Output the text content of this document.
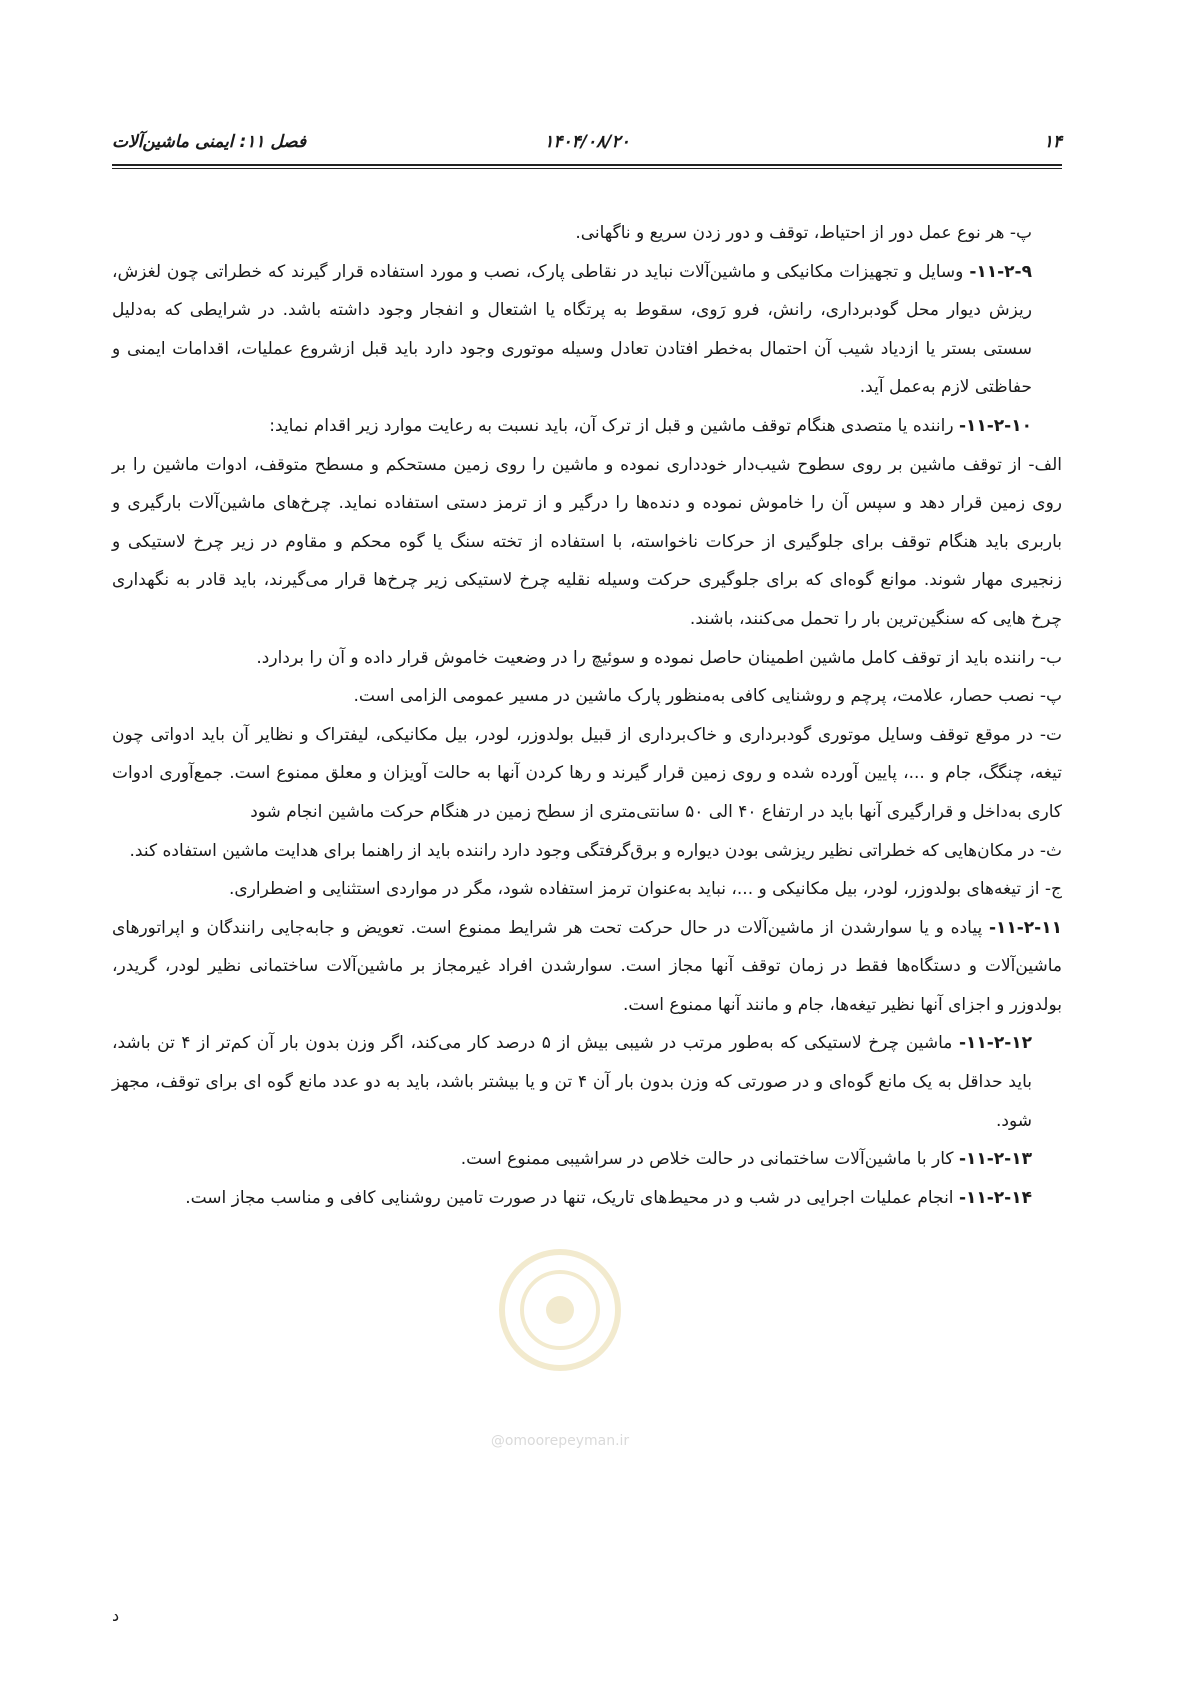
۱۴
۱۴۰۴/۰۸/۲۰
فصل ۱۱: ایمنی ماشین‌آلات

پ- هر نوع عمل دور از احتیاط، توقف و دور زدن سریع و ناگهانی.

۱۱-۲-۹- وسایل و تجهیزات مکانیکی و ماشین‌آلات نباید در نقاطی پارک، نصب و مورد استفاده قرار گیرند که خطراتی چون لغزش، ریزش دیوار محل گودبرداری، رانش، فرو رَوی، سقوط به پرتگاه یا اشتعال و انفجار وجود داشته باشد. در شرایطی که به‌دلیل سستی بستر یا ازدیاد شیب آن احتمال به‌خطر افتادن تعادل وسیله موتوری وجود دارد باید قبل ازشروع عملیات، اقدامات ایمنی و حفاظتی لازم به‌عمل آید.

۱۱-۲-۱۰- راننده یا متصدی هنگام توقف ماشین و قبل از ترک آن، باید نسبت به رعایت موارد زیر اقدام نماید:

الف- از توقف ماشین بر روی سطوح شیب‌دار خودداری نموده و ماشین را روی زمین مستحکم و مسطح متوقف، ادوات ماشین را بر روی زمین قرار دهد و سپس آن را خاموش نموده و دنده‌ها را درگیر و از ترمز دستی استفاده نماید. چرخ‌های ماشین‌آلات بارگیری و باربری باید هنگام توقف برای جلوگیری از حرکات ناخواسته، با استفاده از تخته سنگ یا گوه محکم و مقاوم در زیر چرخ لاستیکی و زنجیری مهار شوند. موانع گوه‌ای که برای جلوگیری حرکت وسیله نقلیه چرخ لاستیکی زیر چرخ‌ها قرار می‌گیرند، باید قادر به نگهداری چرخ هایی که سنگین‌ترین بار را تحمل می‌کنند، باشند.

ب- راننده باید از توقف کامل ماشین اطمینان حاصل نموده و سوئیچ را در وضعیت خاموش قرار داده و آن را بردارد.

پ- نصب حصار، علامت، پرچم و روشنایی کافی به‌منظور پارک ماشین در مسیر عمومی الزامی است.

ت- در موقع توقف وسایل موتوری گودبرداری و خاک‌برداری از قبیل بولدوزر، لودر، بیل مکانیکی، لیفتراک و نظایر آن باید ادواتی چون تیغه، چنگگ، جام و ...، پایین آورده شده و روی زمین قرار گیرند و رها کردن آنها به حالت آویزان و معلق ممنوع است. جمع‌آوری ادوات کاری به‌داخل و قرارگیری آنها باید در ارتفاع ۴۰ الی ۵۰ سانتی‌متری از سطح زمین در هنگام حرکت ماشین انجام شود

ث- در مکان‌هایی که خطراتی نظیر ریزشی بودن دیواره و برق‌گرفتگی وجود دارد راننده باید از راهنما برای هدایت ماشین استفاده کند.

ج- از تیغه‌های بولدوزر، لودر، بیل مکانیکی و ...، نباید به‌عنوان ترمز استفاده شود، مگر در مواردی استثنایی و اضطراری.

۱۱-۲-۱۱- پیاده و یا سوارشدن از ماشین‌آلات در حال حرکت تحت هر شرایط ممنوع است. تعویض و جابه‌جایی رانندگان و اپراتورهای ماشین‌آلات و دستگاه‌ها فقط در زمان توقف آنها مجاز است. سوارشدن افراد غیرمجاز بر ماشین‌آلات ساختمانی نظیر لودر، گریدر، بولدوزر و اجزای آنها نظیر تیغه‌ها، جام و مانند آنها ممنوع است.

۱۱-۲-۱۲- ماشین چرخ لاستیکی که به‌طور مرتب در شیبی بیش از ۵ درصد کار می‌کند، اگر وزن بدون بار آن کم‌تر از ۴ تن باشد، باید حداقل به یک مانع گوه‌ای و در صورتی که وزن بدون بار آن ۴ تن و یا بیشتر باشد، باید به دو عدد مانع گوه ای برای توقف، مجهز شود.

۱۱-۲-۱۳- کار با ماشین‌آلات ساختمانی در حالت خلاص در سراشیبی ممنوع است.

۱۱-۲-۱۴- انجام عملیات اجرایی در شب و در محیط‌های تاریک، تنها در صورت تامین روشنایی کافی و مناسب مجاز است.

@omoorepeyman.ir
د
